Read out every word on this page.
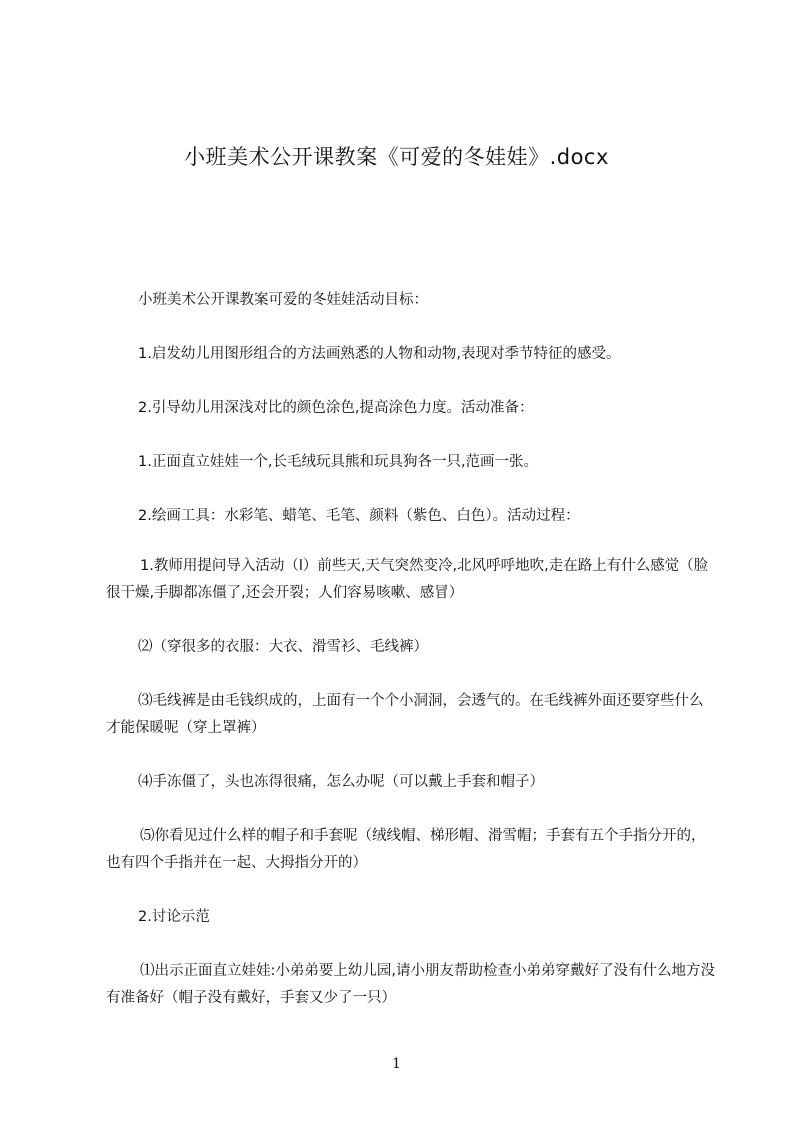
小班美术公开课教案《可爱的冬娃娃》.docx

小班美术公开课教案可爱的冬娃娃活动目标：

1.启发幼儿用图形组合的方法画熟悉的人物和动物,表现对季节特征的感受。

2.引导幼儿用深浅对比的颜色涂色,提高涂色力度。活动准备：

1.正面直立娃娃一个,长毛绒玩具熊和玩具狗各一只,范画一张。

2.绘画工具：水彩笔、蜡笔、毛笔、颜料（紫色、白色）。活动过程：

1.教师用提问导入活动（l）前些天,天气突然变冷,北风呼呼地吹,走在路上有什么感觉（脸很干燥,手脚都冻僵了,还会开裂；人们容易咳嗽、感冒）

⑵（穿很多的衣服：大衣、滑雪衫、毛线裤）

⑶毛线裤是由毛钱织成的，上面有一个个小洞洞，会透气的。在毛线裤外面还要穿些什么才能保暖呢（穿上罩裤）

⑷手冻僵了，头也冻得很痛，怎么办呢（可以戴上手套和帽子）

⑸你看见过什么样的帽子和手套呢（绒线帽、梯形帽、滑雪帽；手套有五个手指分开的，也有四个手指并在一起、大拇指分开的）

2.讨论示范

⑴出示正面直立娃娃:小弟弟要上幼儿园,请小朋友帮助检查小弟弟穿戴好了没有什么地方没有准备好（帽子没有戴好，手套又少了一只）

1
